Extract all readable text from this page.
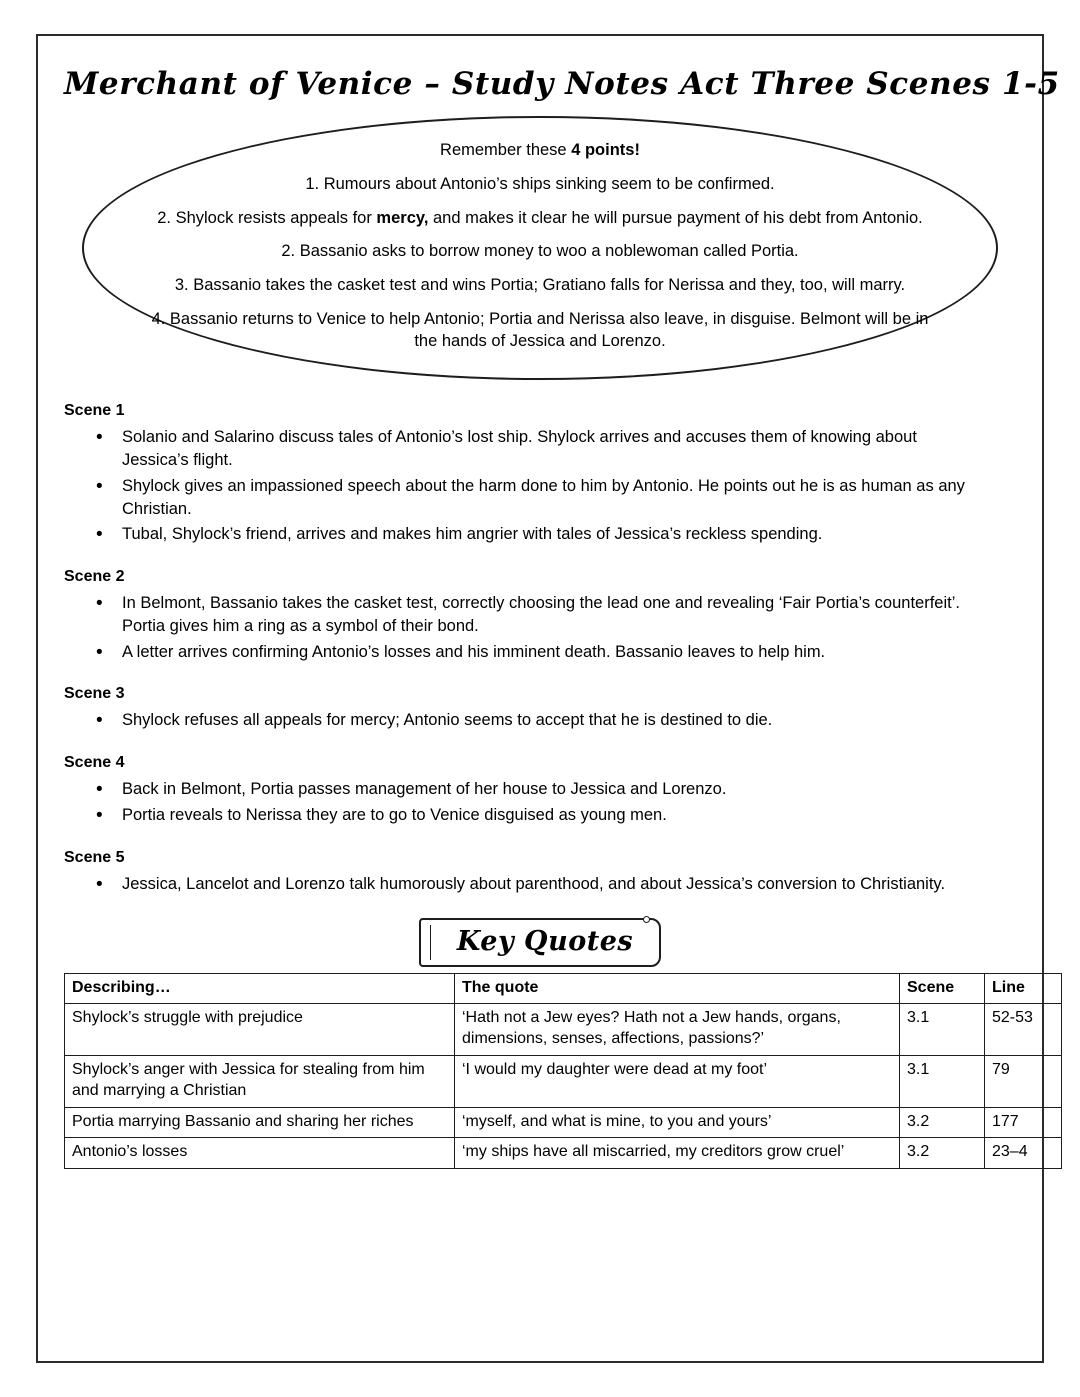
Merchant of Venice – Study Notes Act Three Scenes 1-5

Remember these 4 points!

1. Rumours about Antonio’s ships sinking seem to be confirmed.

2. Shylock resists appeals for mercy, and makes it clear he will pursue payment of his debt from Antonio.

2. Bassanio asks to borrow money to woo a noblewoman called Portia.

3. Bassanio takes the casket test and wins Portia; Gratiano falls for Nerissa and they, too, will marry.

4. Bassanio returns to Venice to help Antonio; Portia and Nerissa also leave, in disguise. Belmont will be in the hands of Jessica and Lorenzo.

Scene 1
• Solanio and Salarino discuss tales of Antonio’s lost ship. Shylock arrives and accuses them of knowing about Jessica’s flight.
• Shylock gives an impassioned speech about the harm done to him by Antonio. He points out he is as human as any Christian.
• Tubal, Shylock’s friend, arrives and makes him angrier with tales of Jessica’s reckless spending.
Scene 2
• In Belmont, Bassanio takes the casket test, correctly choosing the lead one and revealing ‘Fair Portia’s counterfeit’. Portia gives him a ring as a symbol of their bond.
• A letter arrives confirming Antonio’s losses and his imminent death. Bassanio leaves to help him.
Scene 3
• Shylock refuses all appeals for mercy; Antonio seems to accept that he is destined to die.
Scene 4
• Back in Belmont, Portia passes management of her house to Jessica and Lorenzo.
• Portia reveals to Nerissa they are to go to Venice disguised as young men.
Scene 5
• Jessica, Lancelot and Lorenzo talk humorously about parenthood, and about Jessica’s conversion to Christianity.
Key Quotes
Describing…	The quote	Scene	Line
Shylock’s struggle with prejudice	‘Hath not a Jew eyes? Hath not a Jew hands, organs, dimensions, senses, affections, passions?’	3.1	52-53
Shylock’s anger with Jessica for stealing from him and marrying a Christian	‘I would my daughter were dead at my foot’	3.1	79
Portia marrying Bassanio and sharing her riches	‘myself, and what is mine, to you and yours’	3.2	177
Antonio’s losses	‘my ships have all miscarried, my creditors grow cruel’	3.2	23–4
